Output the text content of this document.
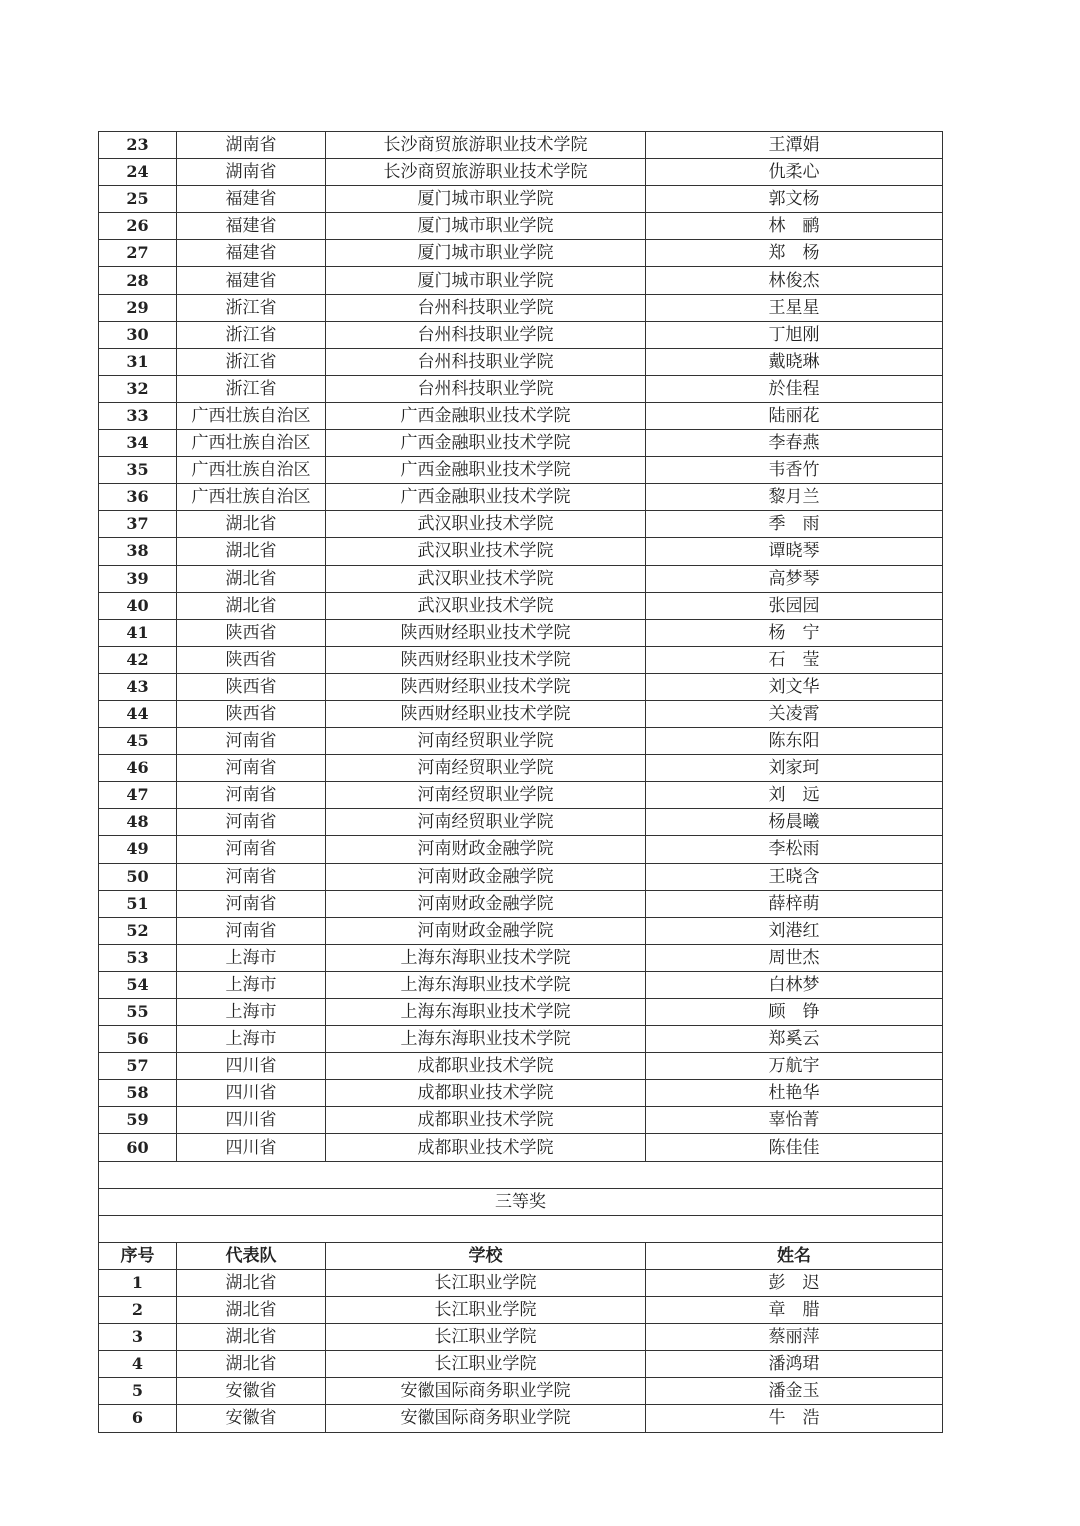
23	湖南省	长沙商贸旅游职业技术学院	王潭娟
24	湖南省	长沙商贸旅游职业技术学院	仇柔心
25	福建省	厦门城市职业学院	郭文杨
26	福建省	厦门城市职业学院	林　鹂
27	福建省	厦门城市职业学院	郑　杨
28	福建省	厦门城市职业学院	林俊杰
29	浙江省	台州科技职业学院	王星星
30	浙江省	台州科技职业学院	丁旭刚
31	浙江省	台州科技职业学院	戴晓琳
32	浙江省	台州科技职业学院	於佳程
33	广西壮族自治区	广西金融职业技术学院	陆丽花
34	广西壮族自治区	广西金融职业技术学院	李春燕
35	广西壮族自治区	广西金融职业技术学院	韦香竹
36	广西壮族自治区	广西金融职业技术学院	黎月兰
37	湖北省	武汉职业技术学院	季　雨
38	湖北省	武汉职业技术学院	谭晓琴
39	湖北省	武汉职业技术学院	高梦琴
40	湖北省	武汉职业技术学院	张园园
41	陕西省	陕西财经职业技术学院	杨　宁
42	陕西省	陕西财经职业技术学院	石　莹
43	陕西省	陕西财经职业技术学院	刘文华
44	陕西省	陕西财经职业技术学院	关凌霄
45	河南省	河南经贸职业学院	陈东阳
46	河南省	河南经贸职业学院	刘家珂
47	河南省	河南经贸职业学院	刘　远
48	河南省	河南经贸职业学院	杨晨曦
49	河南省	河南财政金融学院	李松雨
50	河南省	河南财政金融学院	王晓含
51	河南省	河南财政金融学院	薛梓萌
52	河南省	河南财政金融学院	刘港红
53	上海市	上海东海职业技术学院	周世杰
54	上海市	上海东海职业技术学院	白林梦
55	上海市	上海东海职业技术学院	顾　铮
56	上海市	上海东海职业技术学院	郑奚云
57	四川省	成都职业技术学院	万航宇
58	四川省	成都职业技术学院	杜艳华
59	四川省	成都职业技术学院	辜怡菁
60	四川省	成都职业技术学院	陈佳佳

三等奖			

序号	代表队	学校	姓名
1	湖北省	长江职业学院	彭　迟
2	湖北省	长江职业学院	章　腊
3	湖北省	长江职业学院	蔡丽萍
4	湖北省	长江职业学院	潘鸿珺
5	安徽省	安徽国际商务职业学院	潘金玉
6	安徽省	安徽国际商务职业学院	牛　浩
